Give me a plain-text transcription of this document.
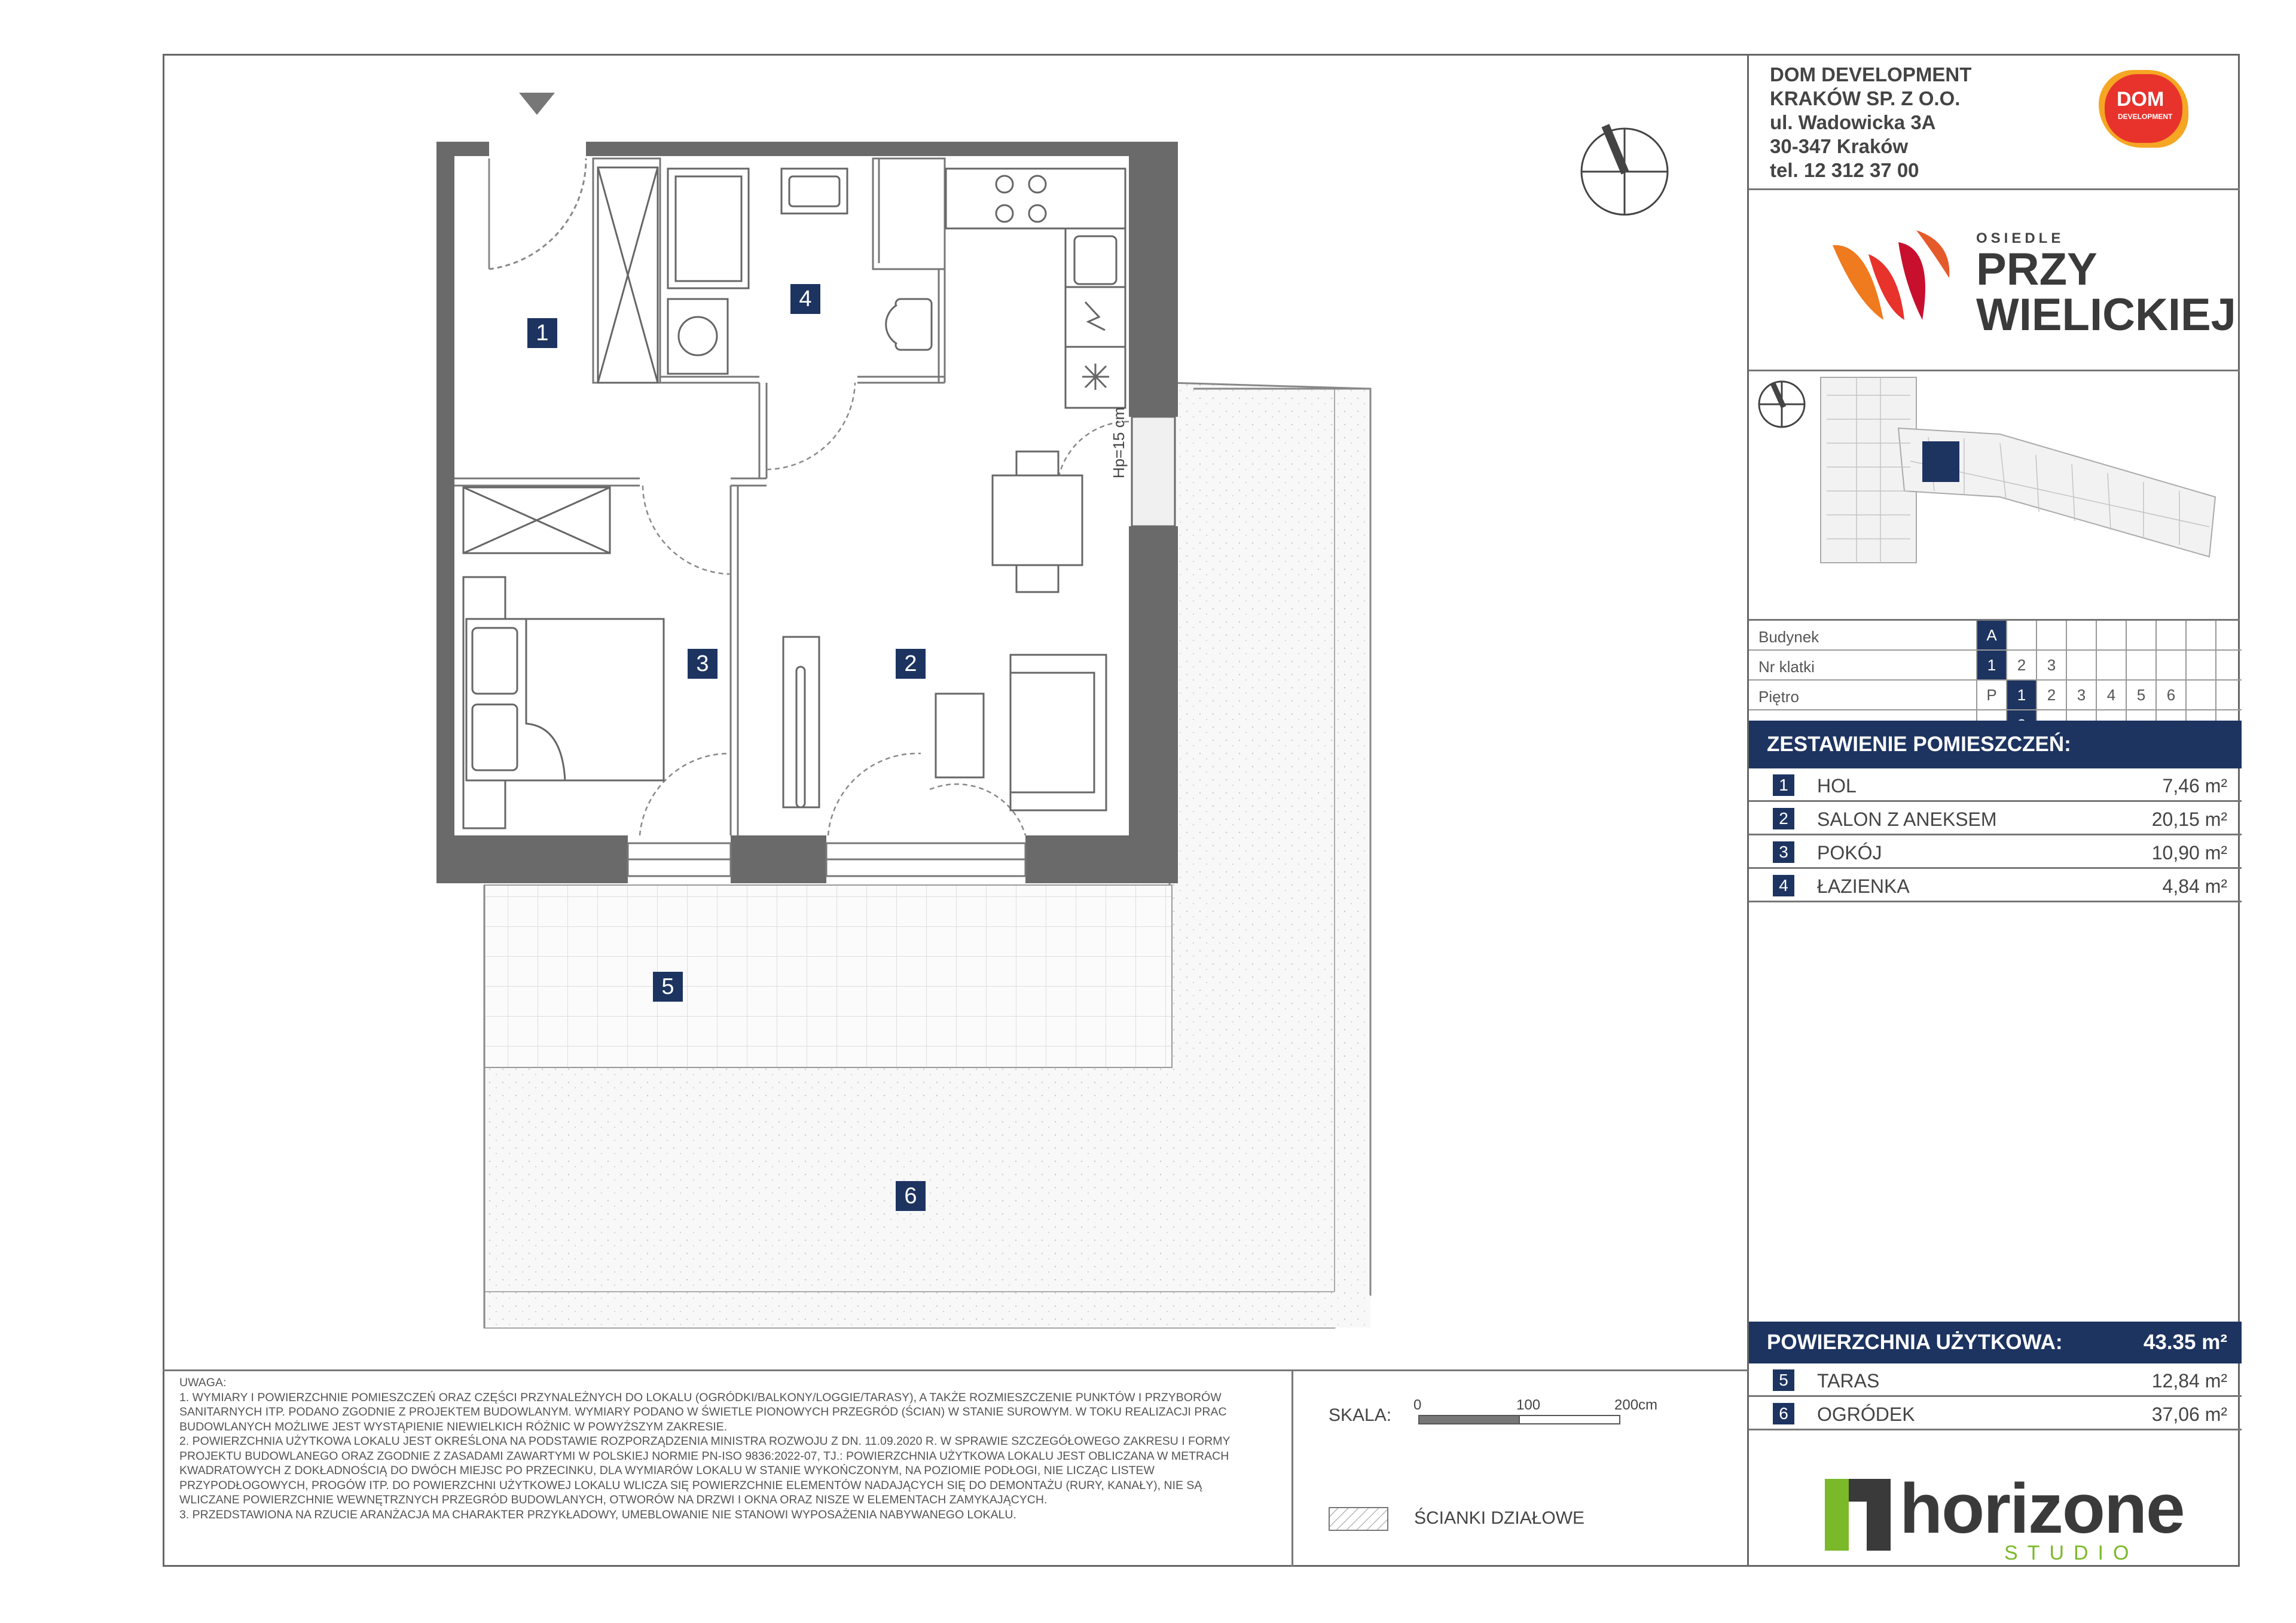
Hp=15 cm
1
2
3
4
5
6
DOM DEVELOPMENT
KRAKÓW SP. Z O.O.
ul. Wadowicka 3A
30-347 Kraków
tel. 12 312 37 00
DOM
DEVELOPMENT
OSIEDLE
PRZY
WIELICKIEJ
Budynek	A
Nr klatki	1	2	3
Piętro	P	1	2	3	4	5	6
ZESTAWIENIE POMIESZCZEŃ:
1	HOL	7,46 m²
2	SALON Z ANEKSEM	20,15 m²
3	POKÓJ	10,90 m²
4	ŁAZIENKA	4,84 m²
POWIERZCHNIA UŻYTKOWA:	43.35 m²
5	TARAS	12,84 m²
6	OGRÓDEK	37,06 m²
horizone
STUDIO

UWAGA:

1. WYMIARY I POWIERZCHNIE POMIESZCZEŃ ORAZ CZĘŚCI PRZYNALEŻNYCH DO LOKALU (OGRÓDKI/BALKONY/LOGGIE/TARASY), A TAKŻE ROZMIESZCZENIE PUNKTÓW I PRZYBORÓW

SANITARNYCH ITP. PODANO ZGODNIE Z PROJEKTEM BUDOWLANYM. WYMIARY PODANO W ŚWIETLE PIONOWYCH PRZEGRÓD (ŚCIAN) W STANIE SUROWYM. W TOKU REALIZACJI PRAC

BUDOWLANYCH MOŻLIWE JEST WYSTĄPIENIE NIEWIELKICH RÓŻNIC W POWYŻSZYM ZAKRESIE.

2. POWIERZCHNIA UŻYTKOWA LOKALU JEST OKREŚLONA NA PODSTAWIE ROZPORZĄDZENIA MINISTRA ROZWOJU Z DN. 11.09.2020 R. W SPRAWIE SZCZEGÓŁOWEGO ZAKRESU I FORMY

PROJEKTU BUDOWLANEGO ORAZ ZGODNIE Z ZASADAMI ZAWARTYMI W POLSKIEJ NORMIE PN-ISO 9836:2022-07, TJ.: POWIERZCHNIA UŻYTKOWA LOKALU JEST OBLICZANA W METRACH

KWADRATOWYCH Z DOKŁADNOŚCIĄ DO DWÓCH MIEJSC PO PRZECINKU, DLA WYMIARÓW LOKALU W STANIE WYKOŃCZONYM, NA POZIOMIE PODŁOGI, NIE LICZĄC LISTEW

PRZYPODŁOGOWYCH, PROGÓW ITP. DO POWIERZCHNI UŻYTKOWEJ LOKALU WLICZA SIĘ POWIERZCHNIE ELEMENTÓW NADAJĄCYCH SIĘ DO DEMONTAŻU (RURY, KANAŁY), NIE SĄ

WLICZANE POWIERZCHNIE WEWNĘTRZNYCH PRZEGRÓD BUDOWLANYCH, OTWORÓW NA DRZWI I OKNA ORAZ NISZE W ELEMENTACH ZAMYKAJĄCYCH.

3. PRZEDSTAWIONA NA RZUCIE ARANŻACJA MA CHARAKTER PRZYKŁADOWY, UMEBLOWANIE NIE STANOWI WYPOSAŻENIA NABYWANEGO LOKALU.

SKALA:
0	100	200cm
ŚCIANKI DZIAŁOWE
